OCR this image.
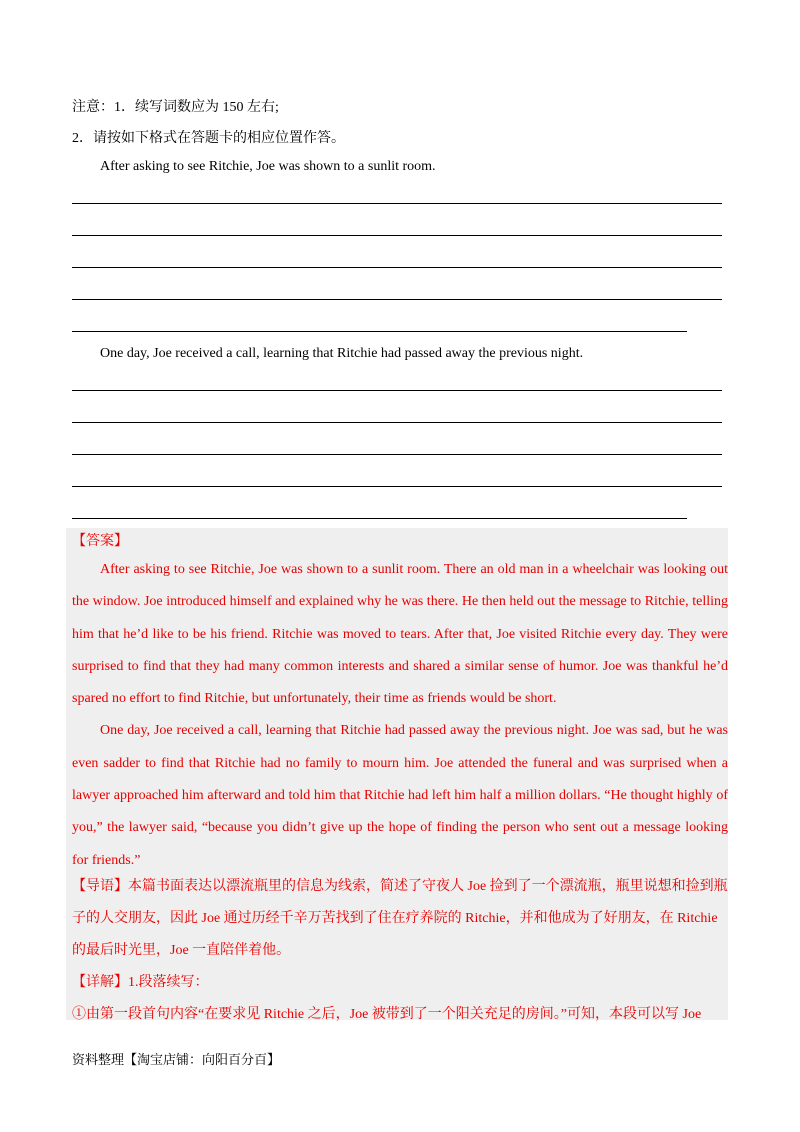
注意：1．续写词数应为 150 左右;
2．请按如下格式在答题卡的相应位置作答。
After asking to see Ritchie, Joe was shown to a sunlit room.
One day, Joe received a call, learning that Ritchie had passed away the previous night.
【答案】

After asking to see Ritchie, Joe was shown to a sunlit room. There an old man in a wheelchair was looking out the window. Joe introduced himself and explained why he was there. He then held out the message to Ritchie, telling him that he’d like to be his friend. Ritchie was moved to tears. After that, Joe visited Ritchie every day. They were surprised to find that they had many common interests and shared a similar sense of humor. Joe was thankful he’d spared no effort to find Ritchie, but unfortunately, their time as friends would be short.

One day, Joe received a call, learning that Ritchie had passed away the previous night. Joe was sad, but he was even sadder to find that Ritchie had no family to mourn him. Joe attended the funeral and was surprised when a lawyer approached him afterward and told him that Ritchie had left him half a million dollars. “He thought highly of you,” the lawyer said, “because you didn’t give up the hope of finding the person who sent out a message looking for friends.”

【导语】本篇书面表达以漂流瓶里的信息为线索，简述了守夜人 Joe 捡到了一个漂流瓶，瓶里说想和捡到瓶子的人交朋友，因此 Joe 通过历经千辛万苦找到了住在疗养院的 Ritchie，并和他成为了好朋友，在 Ritchie 的最后时光里，Joe 一直陪伴着他。

【详解】1.段落续写：

①由第一段首句内容“在要求见 Ritchie 之后，Joe 被带到了一个阳关充足的房间。”可知，本段可以写 Joe

资料整理【淘宝店铺：向阳百分百】
